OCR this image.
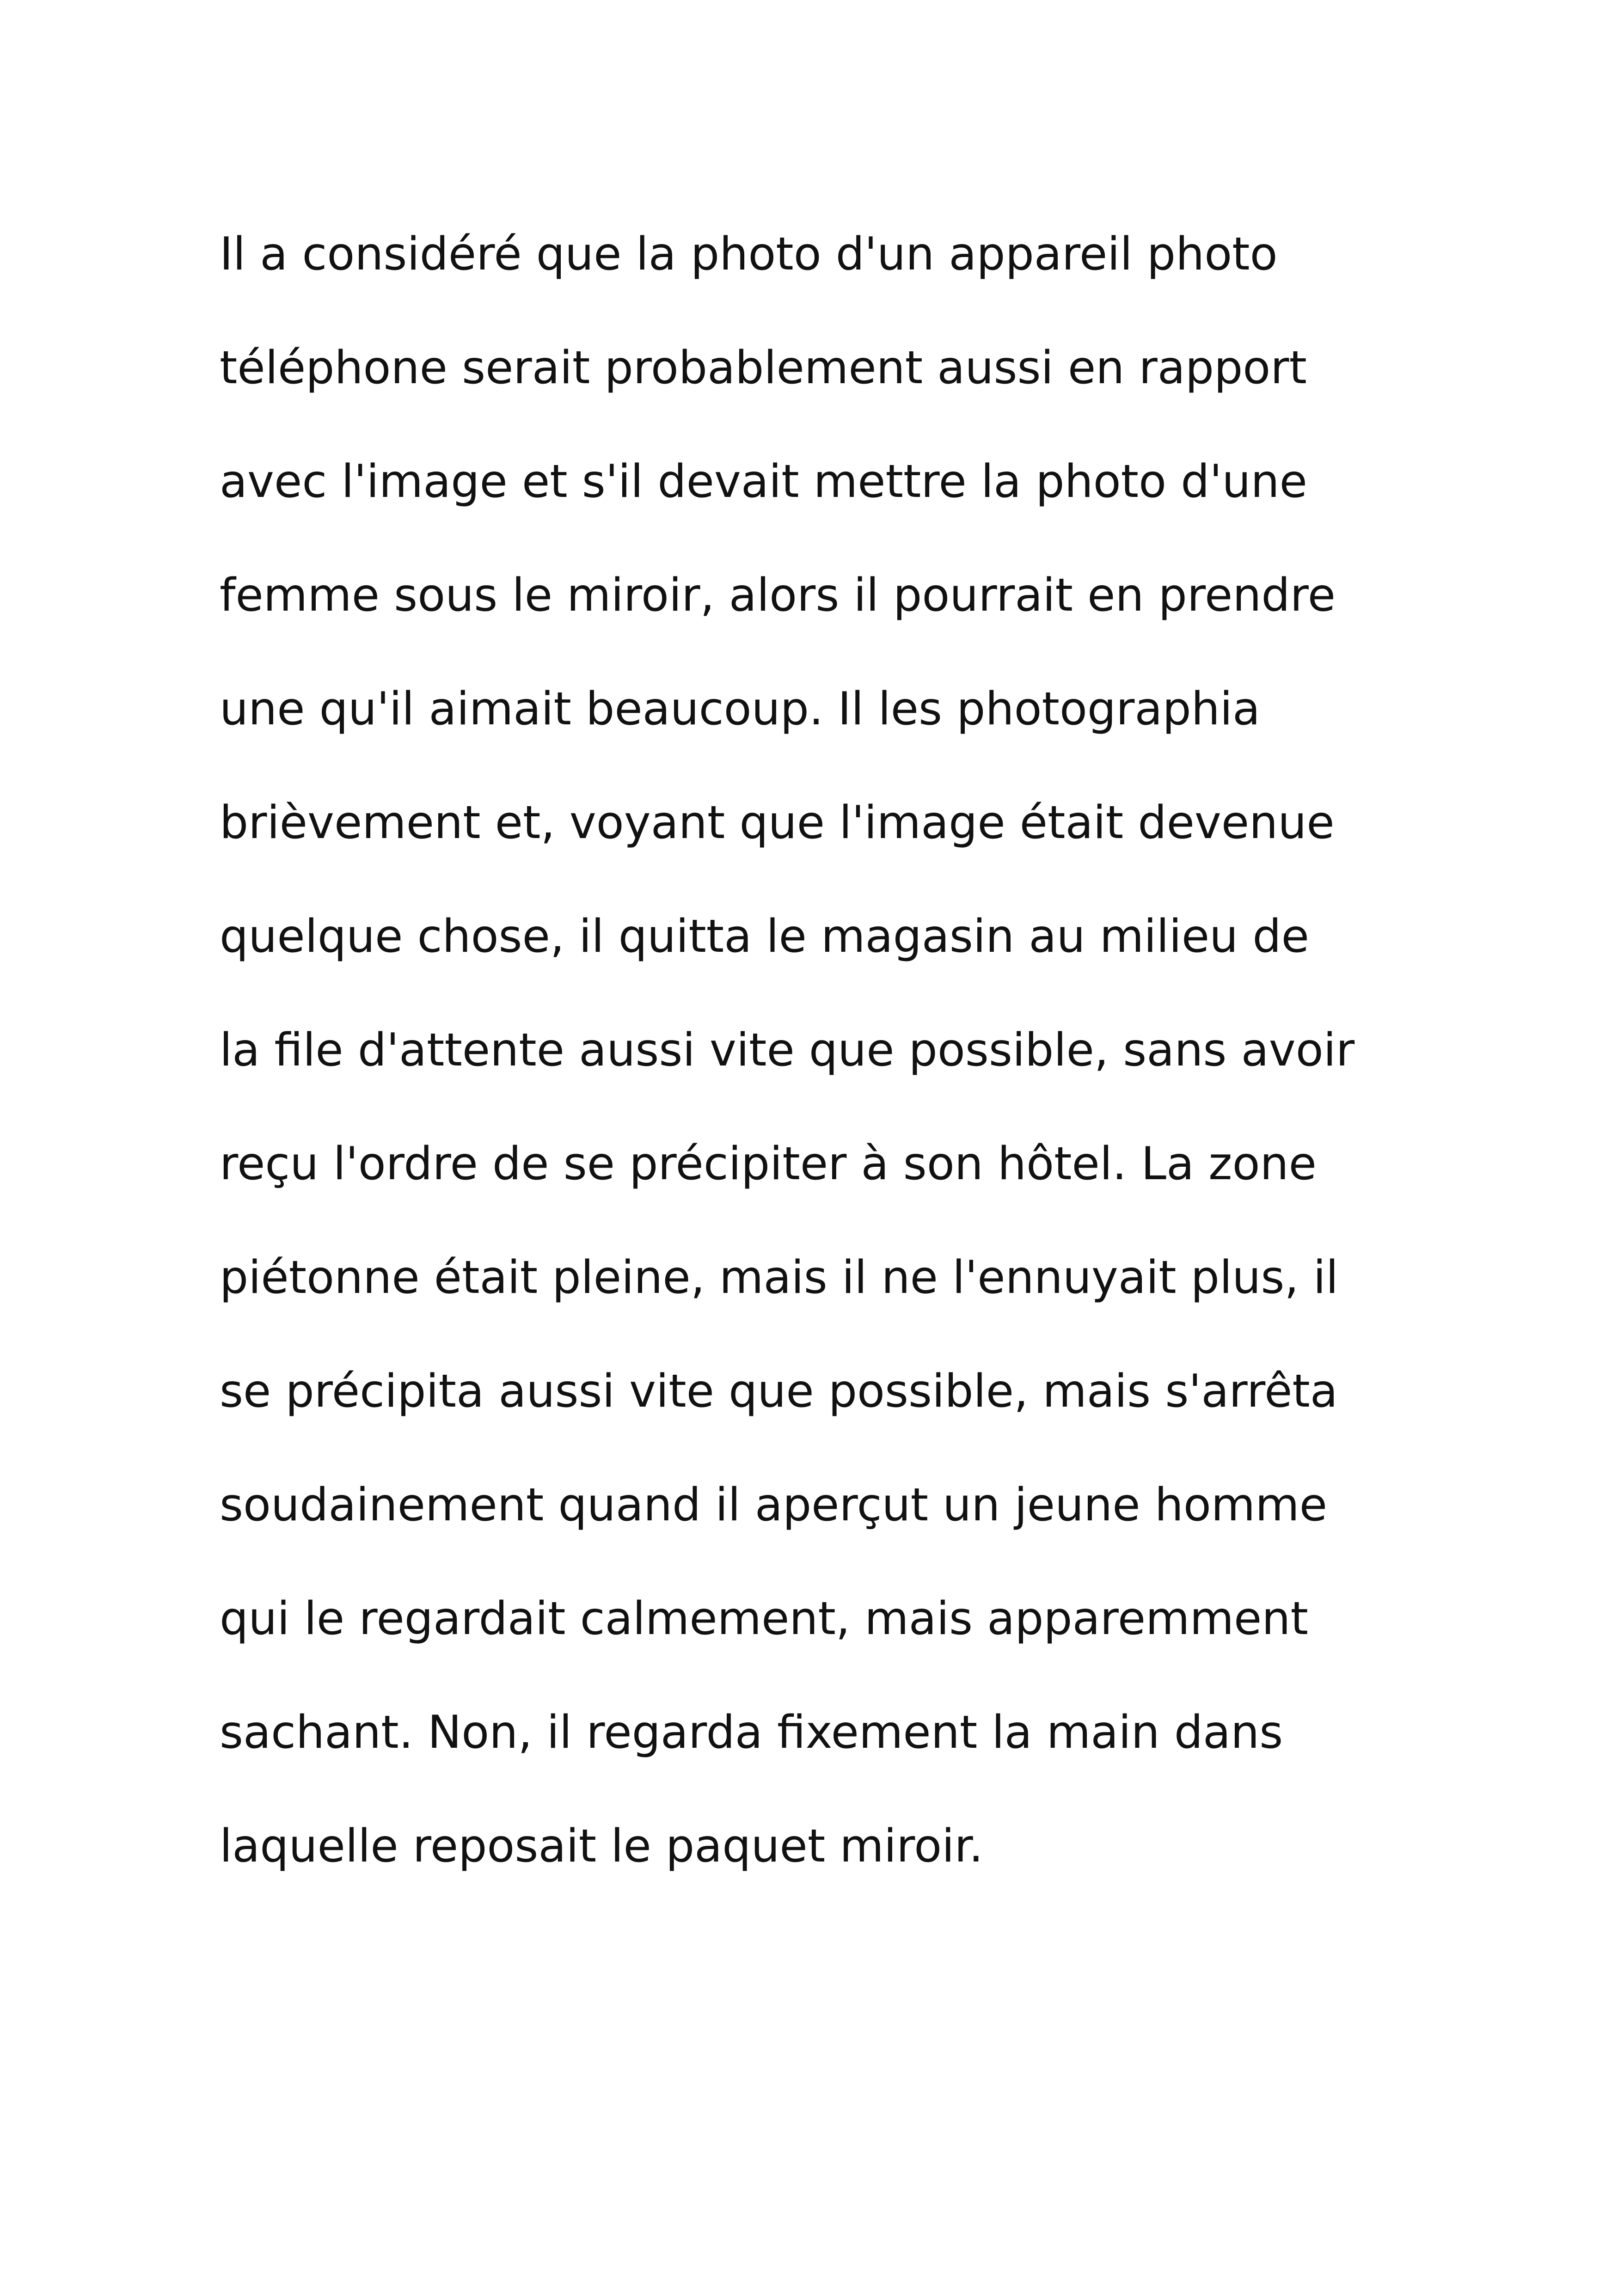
Il a considéré que la photo d'un appareil photo
téléphone serait probablement aussi en rapport
avec l'image et s'il devait mettre la photo d'une
femme sous le miroir, alors il pourrait en prendre
une qu'il aimait beaucoup. Il les photographia
brièvement et, voyant que l'image était devenue
quelque chose, il quitta le magasin au milieu de
la file d'attente aussi vite que possible, sans avoir
reçu l'ordre de se précipiter à son hôtel. La zone
piétonne était pleine, mais il ne l'ennuyait plus, il
se précipita aussi vite que possible, mais s'arrêta
soudainement quand il aperçut un jeune homme
qui le regardait calmement, mais apparemment
sachant. Non, il regarda fixement la main dans
laquelle reposait le paquet miroir.
